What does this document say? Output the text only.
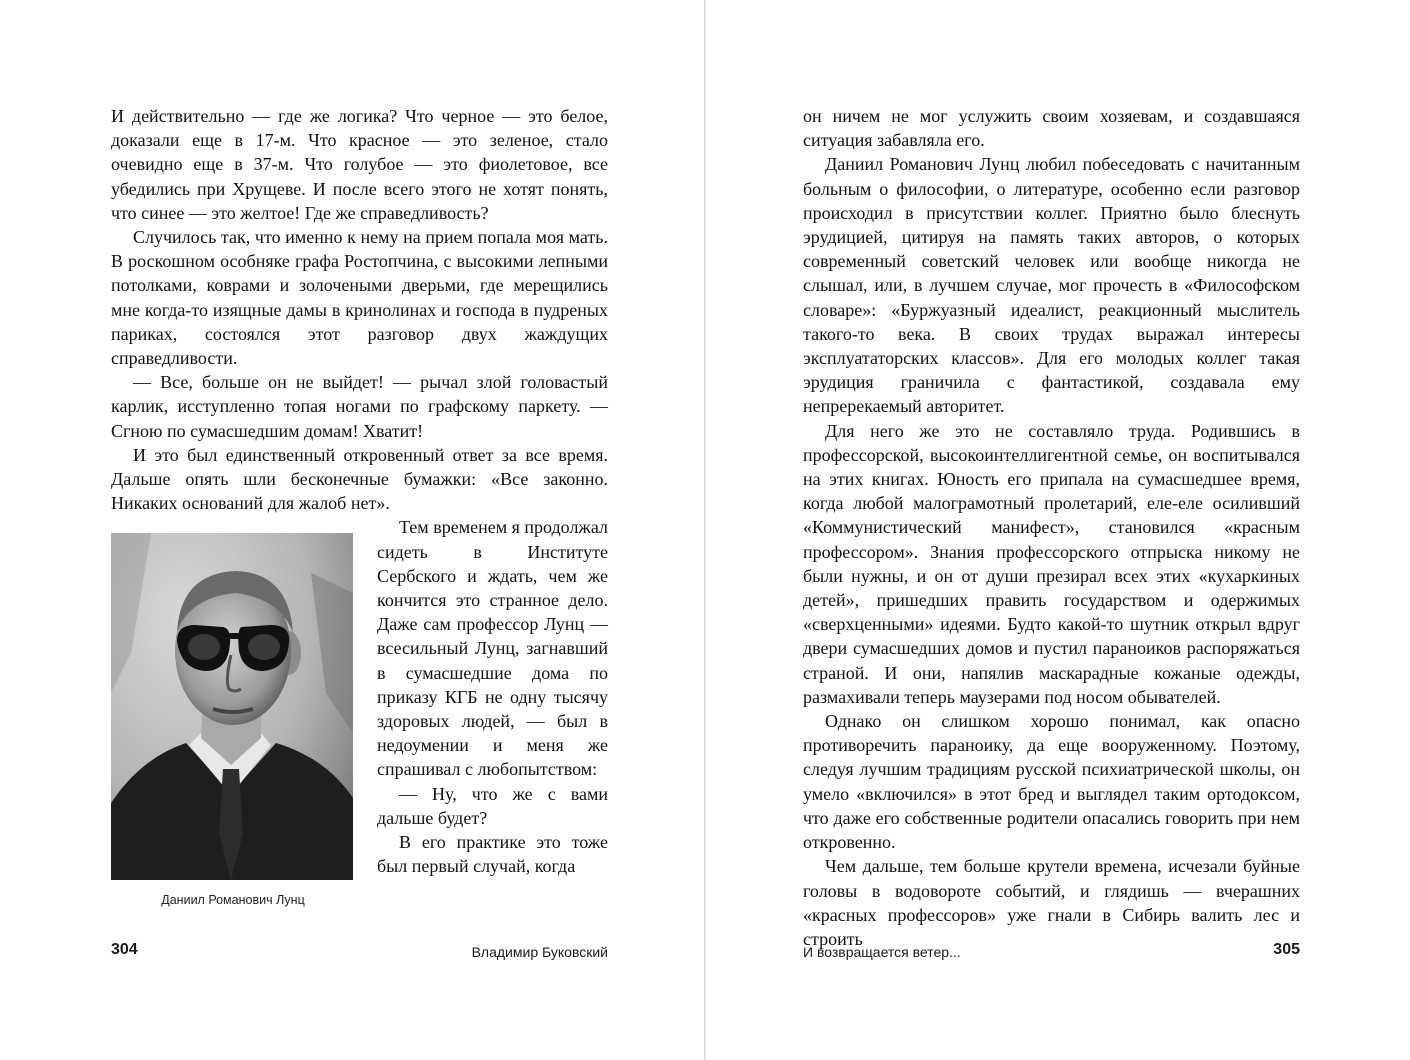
И действительно — где же логика? Что черное — это белое, доказали еще в 17-м. Что красное — это зеленое, стало очевидно еще в 37-м. Что голубое — это фиолетовое, все убедились при Хрущеве. И после всего этого не хотят понять, что синее — это желтое! Где же справедливость?

Случилось так, что именно к нему на прием попала моя мать. В роскошном особняке графа Ростопчина, с высокими лепными потолками, коврами и золочеными дверьми, где мерещились мне когда-то изящные дамы в кринолинах и господа в пудреных париках, состоялся этот разговор двух жаждущих справедливости.

— Все, больше он не выйдет! — рычал злой головастый карлик, исступленно топая ногами по графскому паркету. — Сгною по сумасшедшим домам! Хватит!

И это был единственный откровенный ответ за все время. Дальше опять шли бесконечные бумажки: «Все законно. Никаких оснований для жалоб нет».

Даниил Романович Лунц

Тем временем я продолжал сидеть в Институте Сербского и ждать, чем же кончится это странное дело. Даже сам профессор Лунц — всесильный Лунц, загнавший в сумасшедшие дома по приказу КГБ не одну тысячу здоровых людей, — был в недоумении и меня же спрашивал с любопытством:

— Ну, что же с вами дальше будет?

В его практике это тоже был первый случай, когда

304	Владимир Буковский

он ничем не мог услужить своим хозяевам, и создавшаяся ситуация забавляла его.

Даниил Романович Лунц любил побеседовать с начитанным больным о философии, о литературе, особенно если разговор происходил в присутствии коллег. Приятно было блеснуть эрудицией, цитируя на память таких авторов, о которых современный советский человек или вообще никогда не слышал, или, в лучшем случае, мог прочесть в «Философском словаре»: «Буржуазный идеалист, реакционный мыслитель такого-то века. В своих трудах выражал интересы эксплуататорских классов». Для его молодых коллег такая эрудиция граничила с фантастикой, создавала ему непререкаемый авторитет.

Для него же это не составляло труда. Родившись в профессорской, высокоинтеллигентной семье, он воспитывался на этих книгах. Юность его припала на сумасшедшее время, когда любой малограмотный пролетарий, еле-еле осиливший «Коммунистический манифест», становился «красным профессором». Знания профессорского отпрыска никому не были нужны, и он от души презирал всех этих «кухаркиных детей», пришедших править государством и одержимых «сверхценными» идеями. Будто какой-то шутник открыл вдруг двери сумасшедших домов и пустил параноиков распоряжаться страной. И они, напялив маскарадные кожаные одежды, размахивали теперь маузерами под носом обывателей.

Однако он слишком хорошо понимал, как опасно противоречить параноику, да еще вооруженному. Поэтому, следуя лучшим традициям русской психиатрической школы, он умело «включился» в этот бред и выглядел таким ортодоксом, что даже его собственные родители опасались говорить при нем откровенно.

Чем дальше, тем больше крутели времена, исчезали буйные головы в водовороте событий, и глядишь — вчерашних «красных профессоров» уже гнали в Сибирь валить лес и строить

И возвращается ветер...	305
